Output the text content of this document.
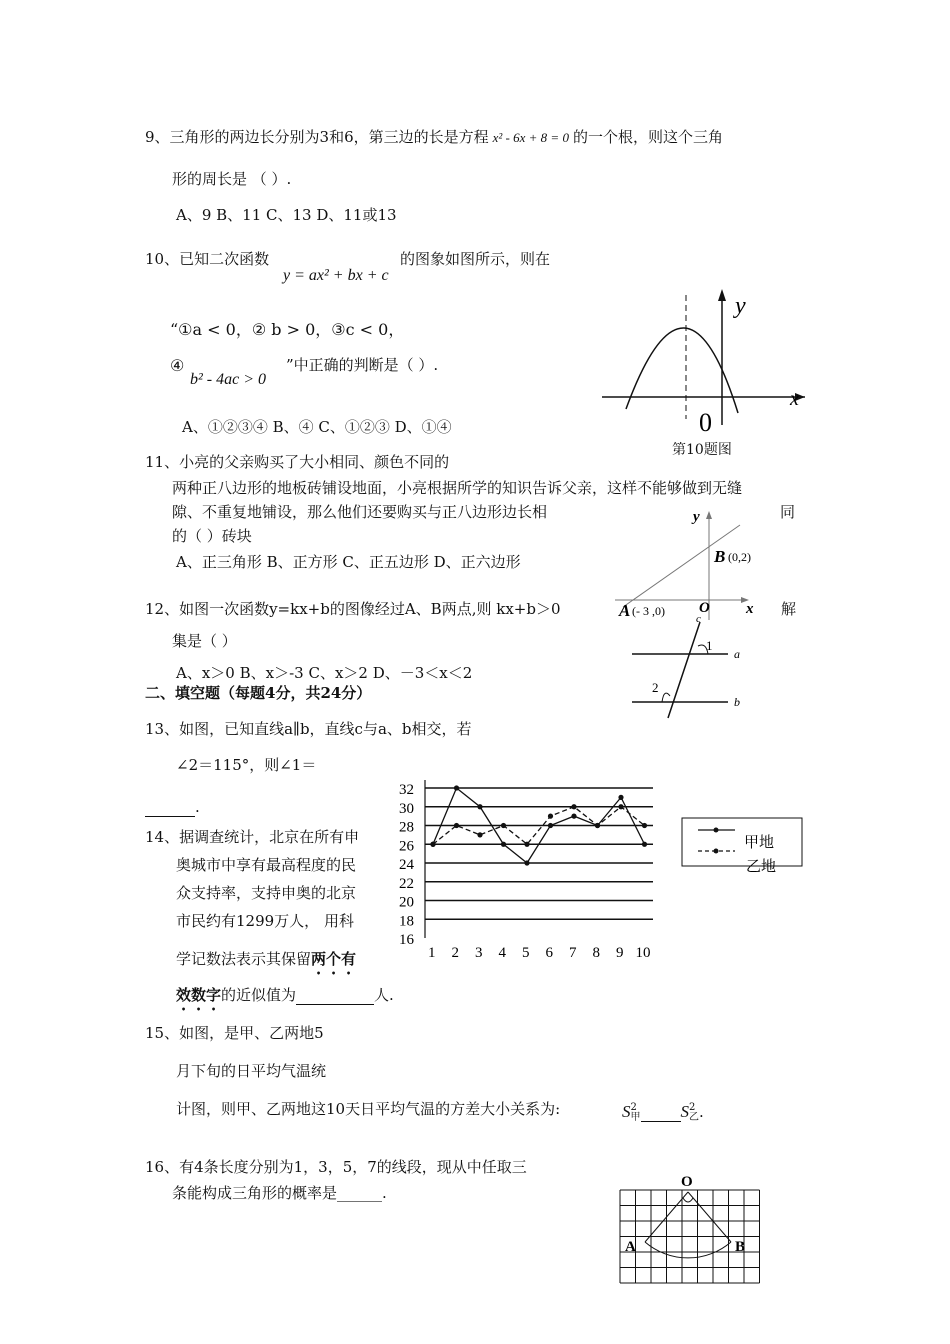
9、三角形的两边长分别为3和6，第三边的长是方程 x² - 6x + 8 = 0 的一个根，则这个三角
形的周长是 （ ）.
A、9 B、11 C、13 D、11或13
10、已知二次函数	的图象如图所示，则在
y = ax² + bx + c
“①a < 0，② b > 0，③c < 0，
④
b² - 4ac > 0
”中正确的判断是（ ）.
A、①②③④ B、④ C、①②③ D、①④
y
x
0
第10题图
11、小亮的父亲购买了大小相同、颜色不同的
两种正八边形的地板砖铺设地面，小亮根据所学的知识告诉父亲，这样不能够做到无缝
隙、不重复地铺设，那么他们还要购买与正八边形边长相	同
的（ ）砖块
A、正三角形 B、正方形 C、正五边形 D、正六边形
y
x
O
A (- 3 ,0)
B (0,2)
12、如图一次函数y=kx+b的图像经过A、B两点,则 kx+b＞0	解
集是（ ）
A、x＞0 B、x＞-3 C、x＞2 D、－3＜x＜2
c
a
b
1
2
二、填空题（每题4分，共24分）
13、如图，已知直线a∥b，直线c与a、b相交，若
∠2＝115°，则∠1＝
.
14、据调查统计，北京在所有申
奥城市中享有最高程度的民
众支持率，支持申奥的北京
市民约有1299万人， 用科
学记数法表示其保留两个有
效数字的近似值为	人.
32
30
28
26
24
22
20
18
16
1 2 3 4 5 6 7 8 9 10
甲地
乙地
15、如图，是甲、乙两地5
月下旬的日平均气温统
计图，则甲、乙两地这10天日平均气温的方差大小关系为:	S 2
甲 S 2
乙 .
16、有4条长度分别为1，3，5，7的线段，现从中任取三
条能构成三角形的概率是______.
O
A	B
